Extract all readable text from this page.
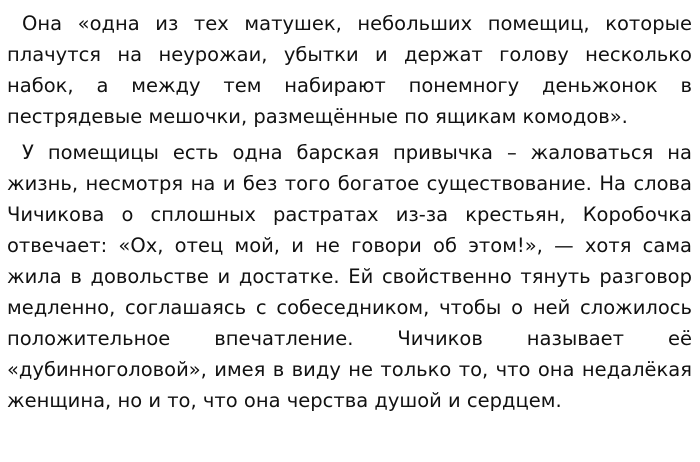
Она «одна из тех матушек, небольших помещиц, которые плачутся на неурожаи, убытки и держат голову несколько набок, а между тем набирают понемногу деньжонок в пестрядевые мешочки, размещённые по ящикам комодов».

У помещицы есть одна барская привычка – жаловаться на жизнь, несмотря на и без того богатое существование. На слова Чичикова о сплошных растратах из-за крестьян, Коробочка отвечает: «Ох, отец мой, и не говори об этом!», — хотя сама жила в довольстве и достатке. Ей свойственно тянуть разговор медленно, соглашаясь с собеседником, чтобы о ней сложилось положительное впечатление. Чичиков называет её «дубинноголовой», имея в виду не только то, что она недалёкая женщина, но и то, что она черства душой и сердцем.
